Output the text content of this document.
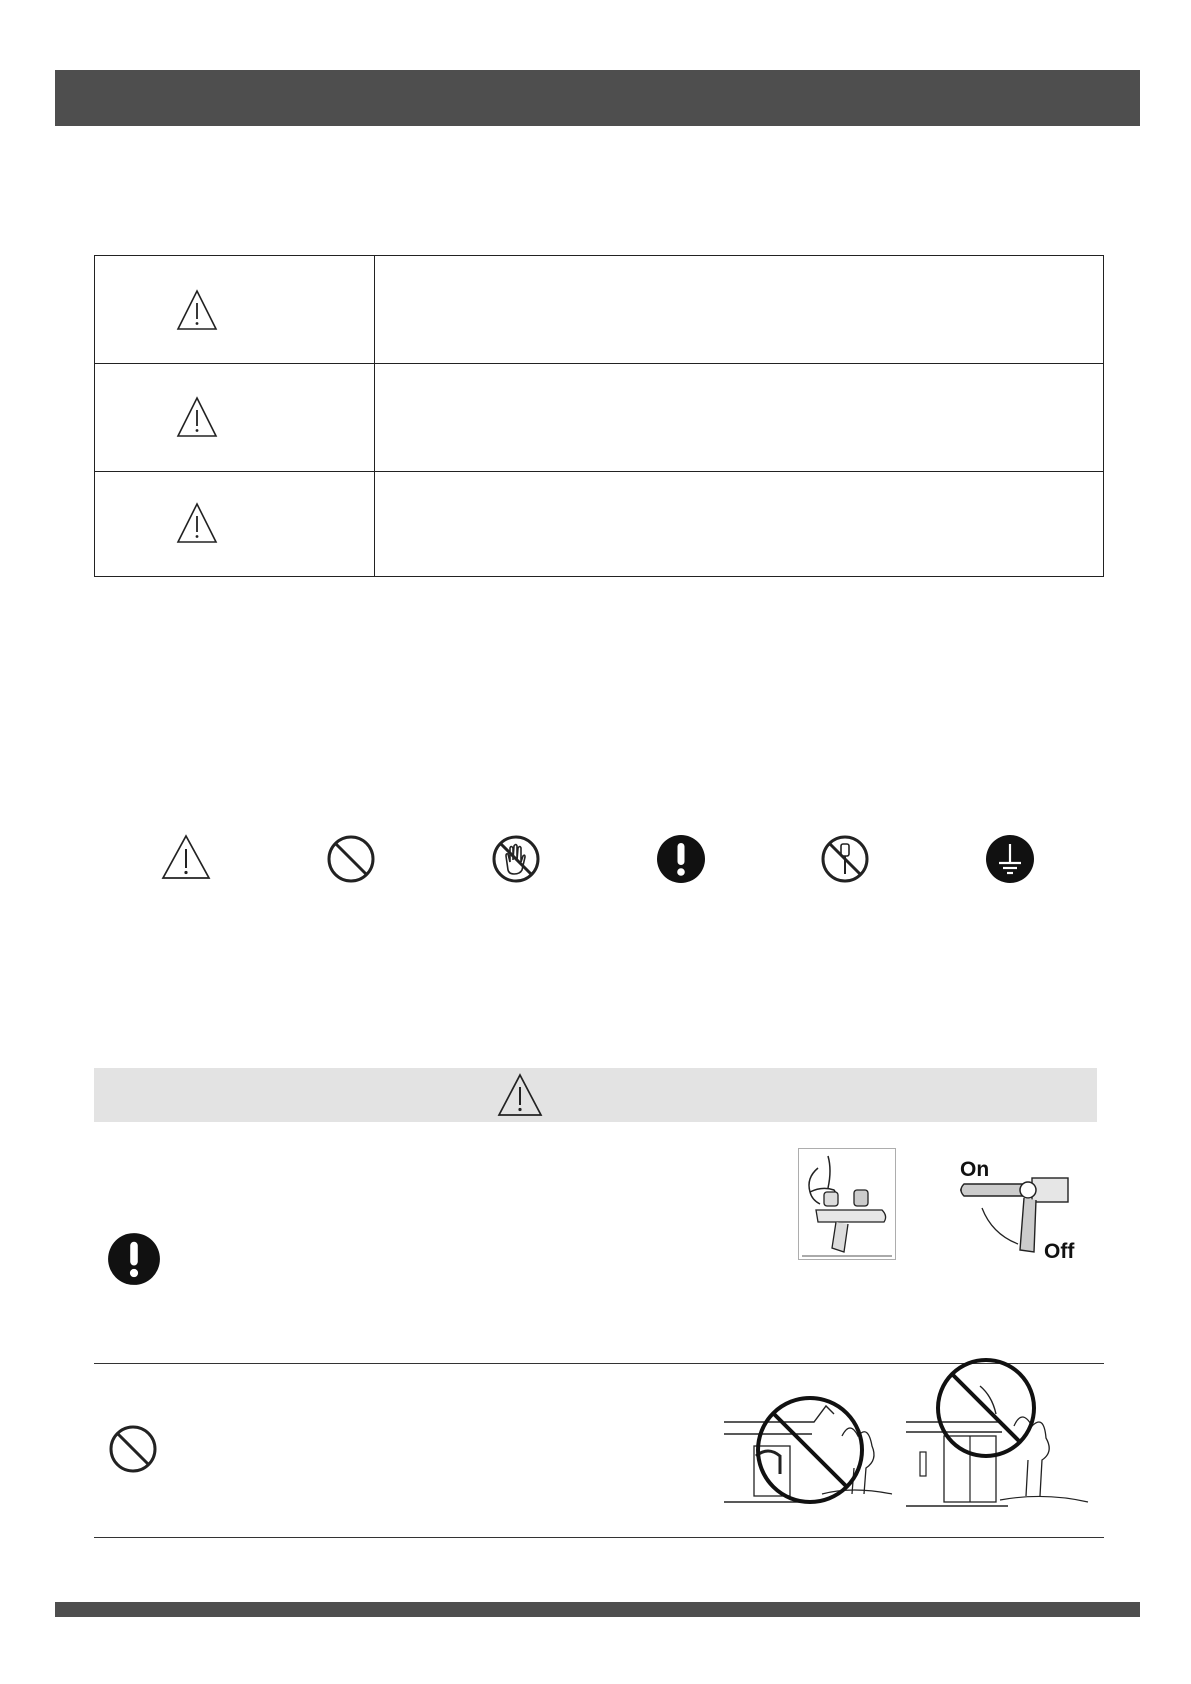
On
Off
